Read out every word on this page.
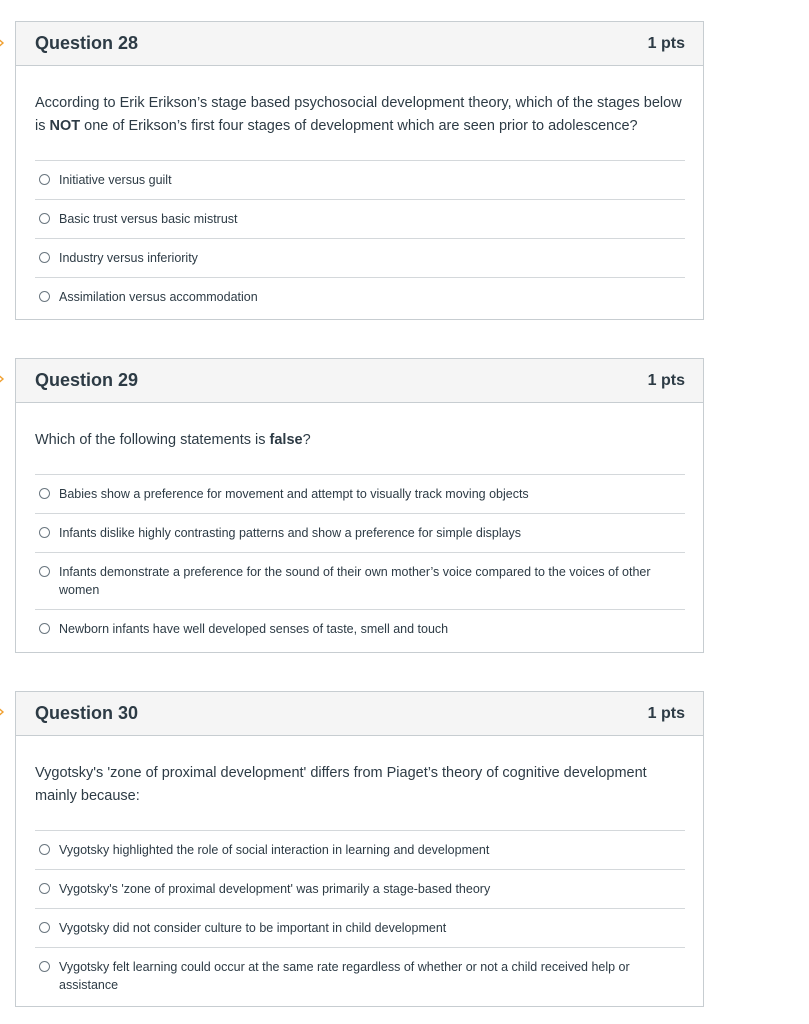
Question 28	1 pts

According to Erik Erikson’s stage based psychosocial development theory, which of the stages below is NOT one of Erikson’s first four stages of development which are seen prior to adolescence?

Initiative versus guilt
Basic trust versus basic mistrust
Industry versus inferiority
Assimilation versus accommodation
Question 29	1 pts

Which of the following statements is false?

Babies show a preference for movement and attempt to visually track moving objects
Infants dislike highly contrasting patterns and show a preference for simple displays
Infants demonstrate a preference for the sound of their own mother’s voice compared to the voices of other women
Newborn infants have well developed senses of taste, smell and touch
Question 30	1 pts

Vygotsky's 'zone of proximal development' differs from Piaget’s theory of cognitive development mainly because:

Vygotsky highlighted the role of social interaction in learning and development
Vygotsky's 'zone of proximal development' was primarily a stage-based theory
Vygotsky did not consider culture to be important in child development
Vygotsky felt learning could occur at the same rate regardless of whether or not a child received help or assistance
